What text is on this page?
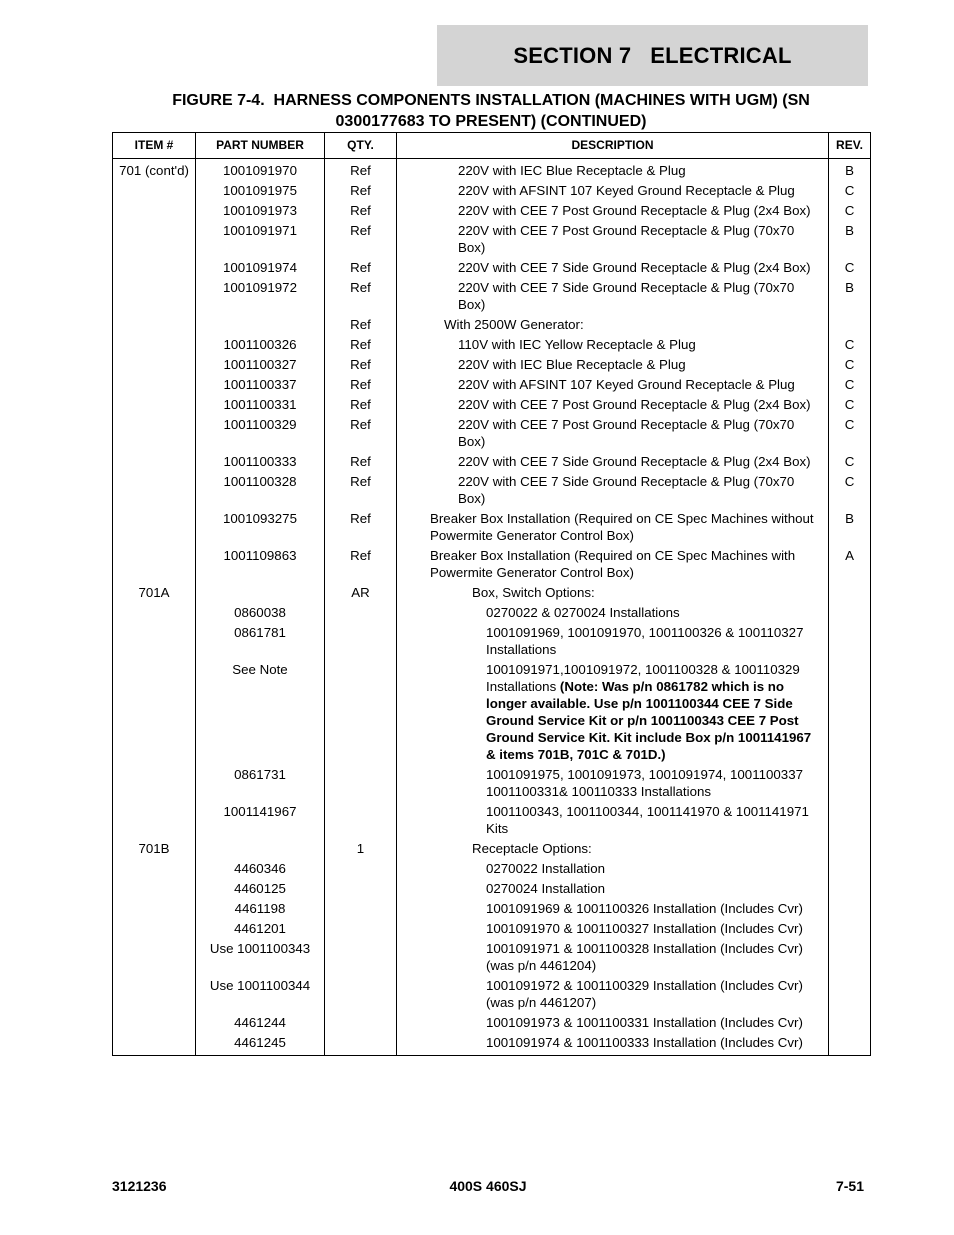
SECTION 7   ELECTRICAL
FIGURE 7-4.  HARNESS COMPONENTS INSTALLATION (MACHINES WITH UGM) (SN
0300177683 TO PRESENT) (CONTINUED)
ITEM #	PART NUMBER	QTY.	DESCRIPTION	REV.
701 (cont'd)	1001091970	Ref	220V with IEC Blue Receptacle & Plug	B
	1001091975	Ref	220V with AFSINT 107 Keyed Ground Receptacle & Plug	C
	1001091973	Ref	220V with CEE 7 Post Ground Receptacle & Plug (2x4 Box)	C
	1001091971	Ref	220V with CEE 7 Post Ground Receptacle & Plug (70x70 Box)	B
	1001091974	Ref	220V with CEE 7 Side Ground Receptacle & Plug (2x4 Box)	C
	1001091972	Ref	220V with CEE 7 Side Ground Receptacle & Plug (70x70 Box)	B
		Ref	With 2500W Generator:	

	1001100326	Ref	110V with IEC Yellow Receptacle & Plug	C
	1001100327	Ref	220V with IEC Blue Receptacle & Plug	C
	1001100337	Ref	220V with AFSINT 107 Keyed Ground Receptacle & Plug	C
	1001100331	Ref	220V with CEE 7 Post Ground Receptacle & Plug (2x4 Box)	C
	1001100329	Ref	220V with CEE 7 Post Ground Receptacle & Plug (70x70 Box)	C
	1001100333	Ref	220V with CEE 7 Side Ground Receptacle & Plug (2x4 Box)	C
	1001100328	Ref	220V with CEE 7 Side Ground Receptacle & Plug (70x70 Box)	C
	1001093275	Ref	Breaker Box Installation (Required on CE Spec Machines without Powermite Generator Control Box)	B
	1001109863	Ref	Breaker Box Installation (Required on CE Spec Machines with Powermite Generator Control Box)	A
701A		AR	Box, Switch Options:	

	0860038		0270022 & 0270024 Installations	

	0861781		1001091969, 1001091970, 1001100326 & 100110327 Installations	

	See Note		1001091971,1001091972, 1001100328 & 100110329 Installations (Note: Was p/n 0861782 which is no longer available. Use p/n 1001100344 CEE 7 Side Ground Service Kit or p/n 1001100343 CEE 7 Post Ground Service Kit. Kit include Box p/n 1001141967 & items 701B, 701C & 701D.)	

	0861731		1001091975, 1001091973, 1001091974, 1001100337 1001100331& 100110333 Installations	

	1001141967		1001100343, 1001100344, 1001141970 & 1001141971 Kits	

701B		1	Receptacle Options:	

	4460346		0270022 Installation	

	4460125		0270024 Installation	

	4461198		1001091969 & 1001100326 Installation (Includes Cvr)	

	4461201		1001091970 & 1001100327 Installation (Includes Cvr)	

	Use 1001100343		1001091971 & 1001100328 Installation (Includes Cvr) (was p/n 4461204)	

	Use 1001100344		1001091972 & 1001100329 Installation (Includes Cvr) (was p/n 4461207)	

	4461244		1001091973 & 1001100331 Installation (Includes Cvr)	

	4461245		1001091974 & 1001100333 Installation (Includes Cvr)	

3121236	400S 460SJ	7-51
